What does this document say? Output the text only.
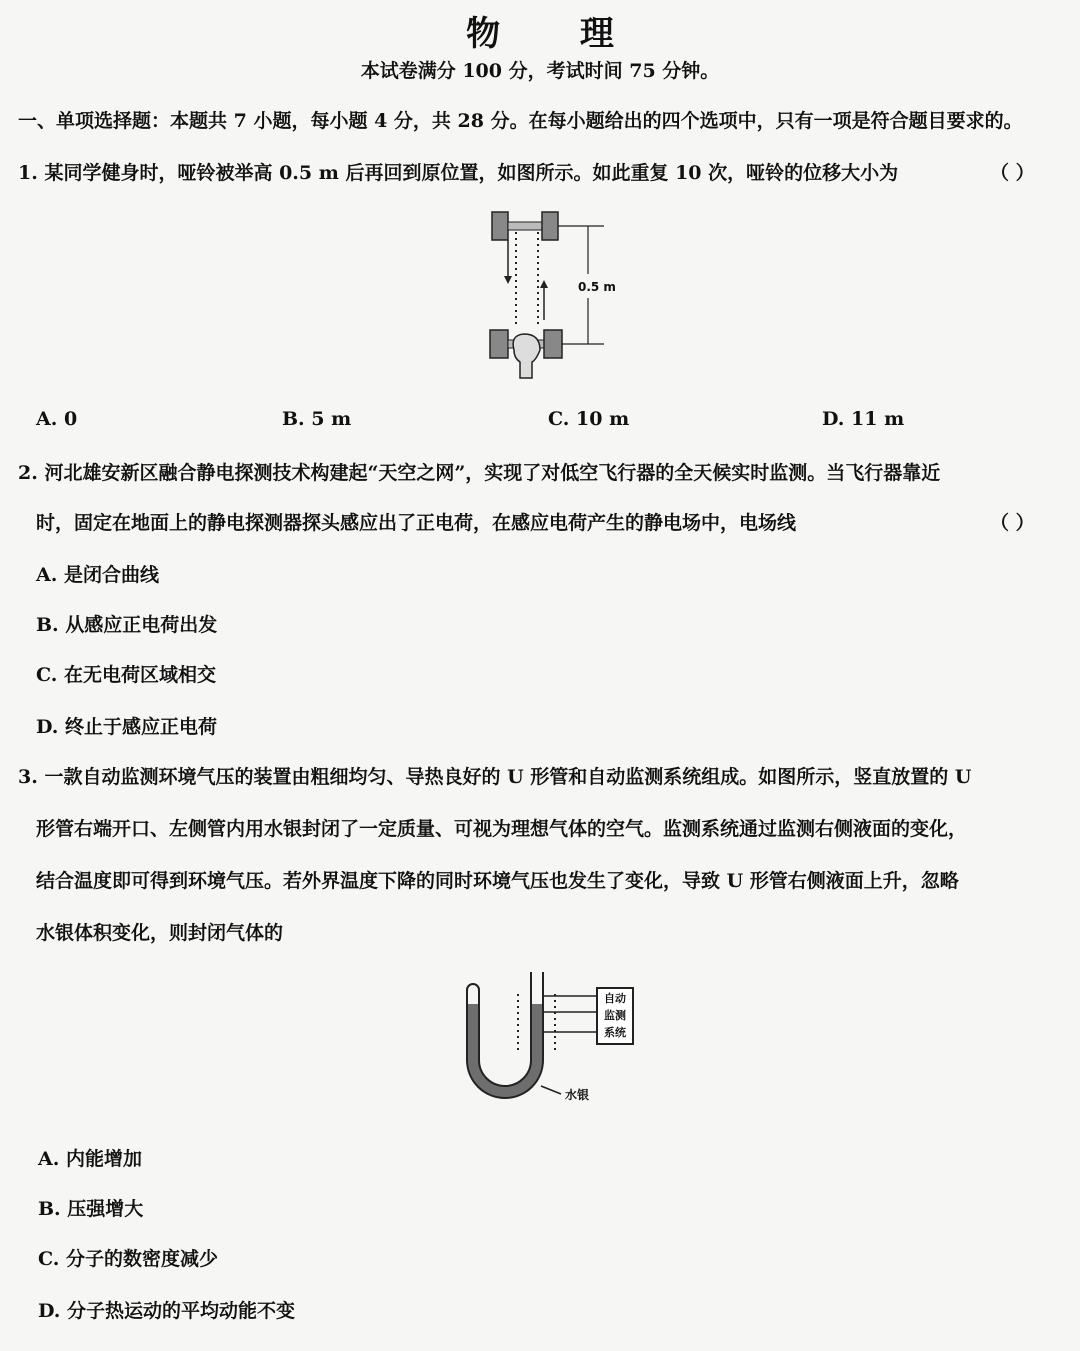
物 理
本试卷满分 100 分，考试时间 75 分钟。
一、单项选择题：本题共 7 小题，每小题 4 分，共 28 分。在每小题给出的四个选项中，只有一项是符合题目要求的。
1. 某同学健身时，哑铃被举高 0.5 m 后再回到原位置，如图所示。如此重复 10 次，哑铃的位移大小为	（ ）
0.5 m
A. 0	B. 5 m	C. 10 m	D. 11 m
2. 河北雄安新区融合静电探测技术构建起“天空之网”，实现了对低空飞行器的全天候实时监测。当飞行器靠近
时，固定在地面上的静电探测器探头感应出了正电荷，在感应电荷产生的静电场中，电场线	（ ）
A. 是闭合曲线
B. 从感应正电荷出发
C. 在无电荷区域相交
D. 终止于感应正电荷
3. 一款自动监测环境气压的装置由粗细均匀、导热良好的 U 形管和自动监测系统组成。如图所示，竖直放置的 U
形管右端开口、左侧管内用水银封闭了一定质量、可视为理想气体的空气。监测系统通过监测右侧液面的变化，
结合温度即可得到环境气压。若外界温度下降的同时环境气压也发生了变化，导致 U 形管右侧液面上升，忽略
水银体积变化，则封闭气体的
自动监测系统
水银
A. 内能增加
B. 压强增大
C. 分子的数密度减少
D. 分子热运动的平均动能不变
